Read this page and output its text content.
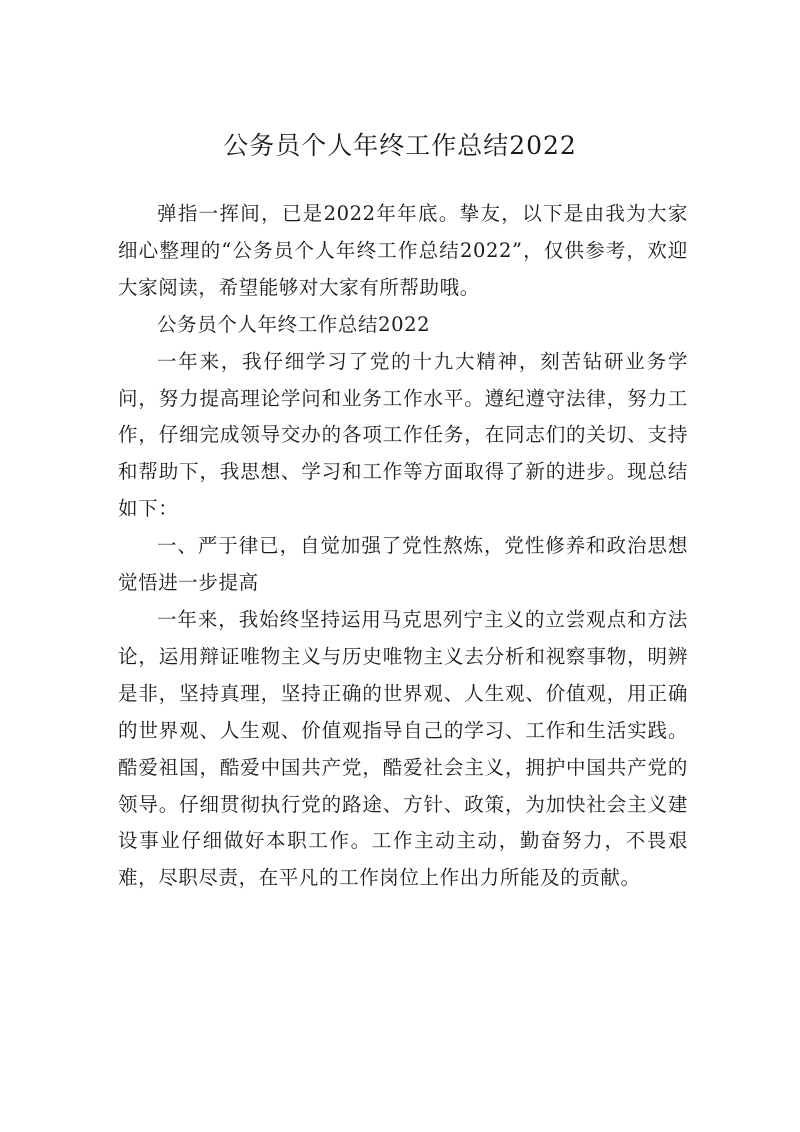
公务员个人年终工作总结2022

弹指一挥间，已是2022年年底。挚友，以下是由我为大家细心整理的“公务员个人年终工作总结2022”，仅供参考，欢迎大家阅读，希望能够对大家有所帮助哦。

公务员个人年终工作总结2022

一年来，我仔细学习了党的十九大精神，刻苦钻研业务学问，努力提高理论学问和业务工作水平。遵纪遵守法律，努力工作，仔细完成领导交办的各项工作任务，在同志们的关切、支持和帮助下，我思想、学习和工作等方面取得了新的进步。现总结如下：

一、严于律已，自觉加强了党性熬炼，党性修养和政治思想觉悟进一步提高

一年来，我始终坚持运用马克思列宁主义的立尝观点和方法论，运用辩证唯物主义与历史唯物主义去分析和视察事物，明辨是非，坚持真理，坚持正确的世界观、人生观、价值观，用正确的世界观、人生观、价值观指导自己的学习、工作和生活实践。酷爱祖国，酷爱中国共产党，酷爱社会主义，拥护中国共产党的领导。仔细贯彻执行党的路途、方针、政策，为加快社会主义建设事业仔细做好本职工作。工作主动主动，勤奋努力，不畏艰难，尽职尽责，在平凡的工作岗位上作出力所能及的贡献。
